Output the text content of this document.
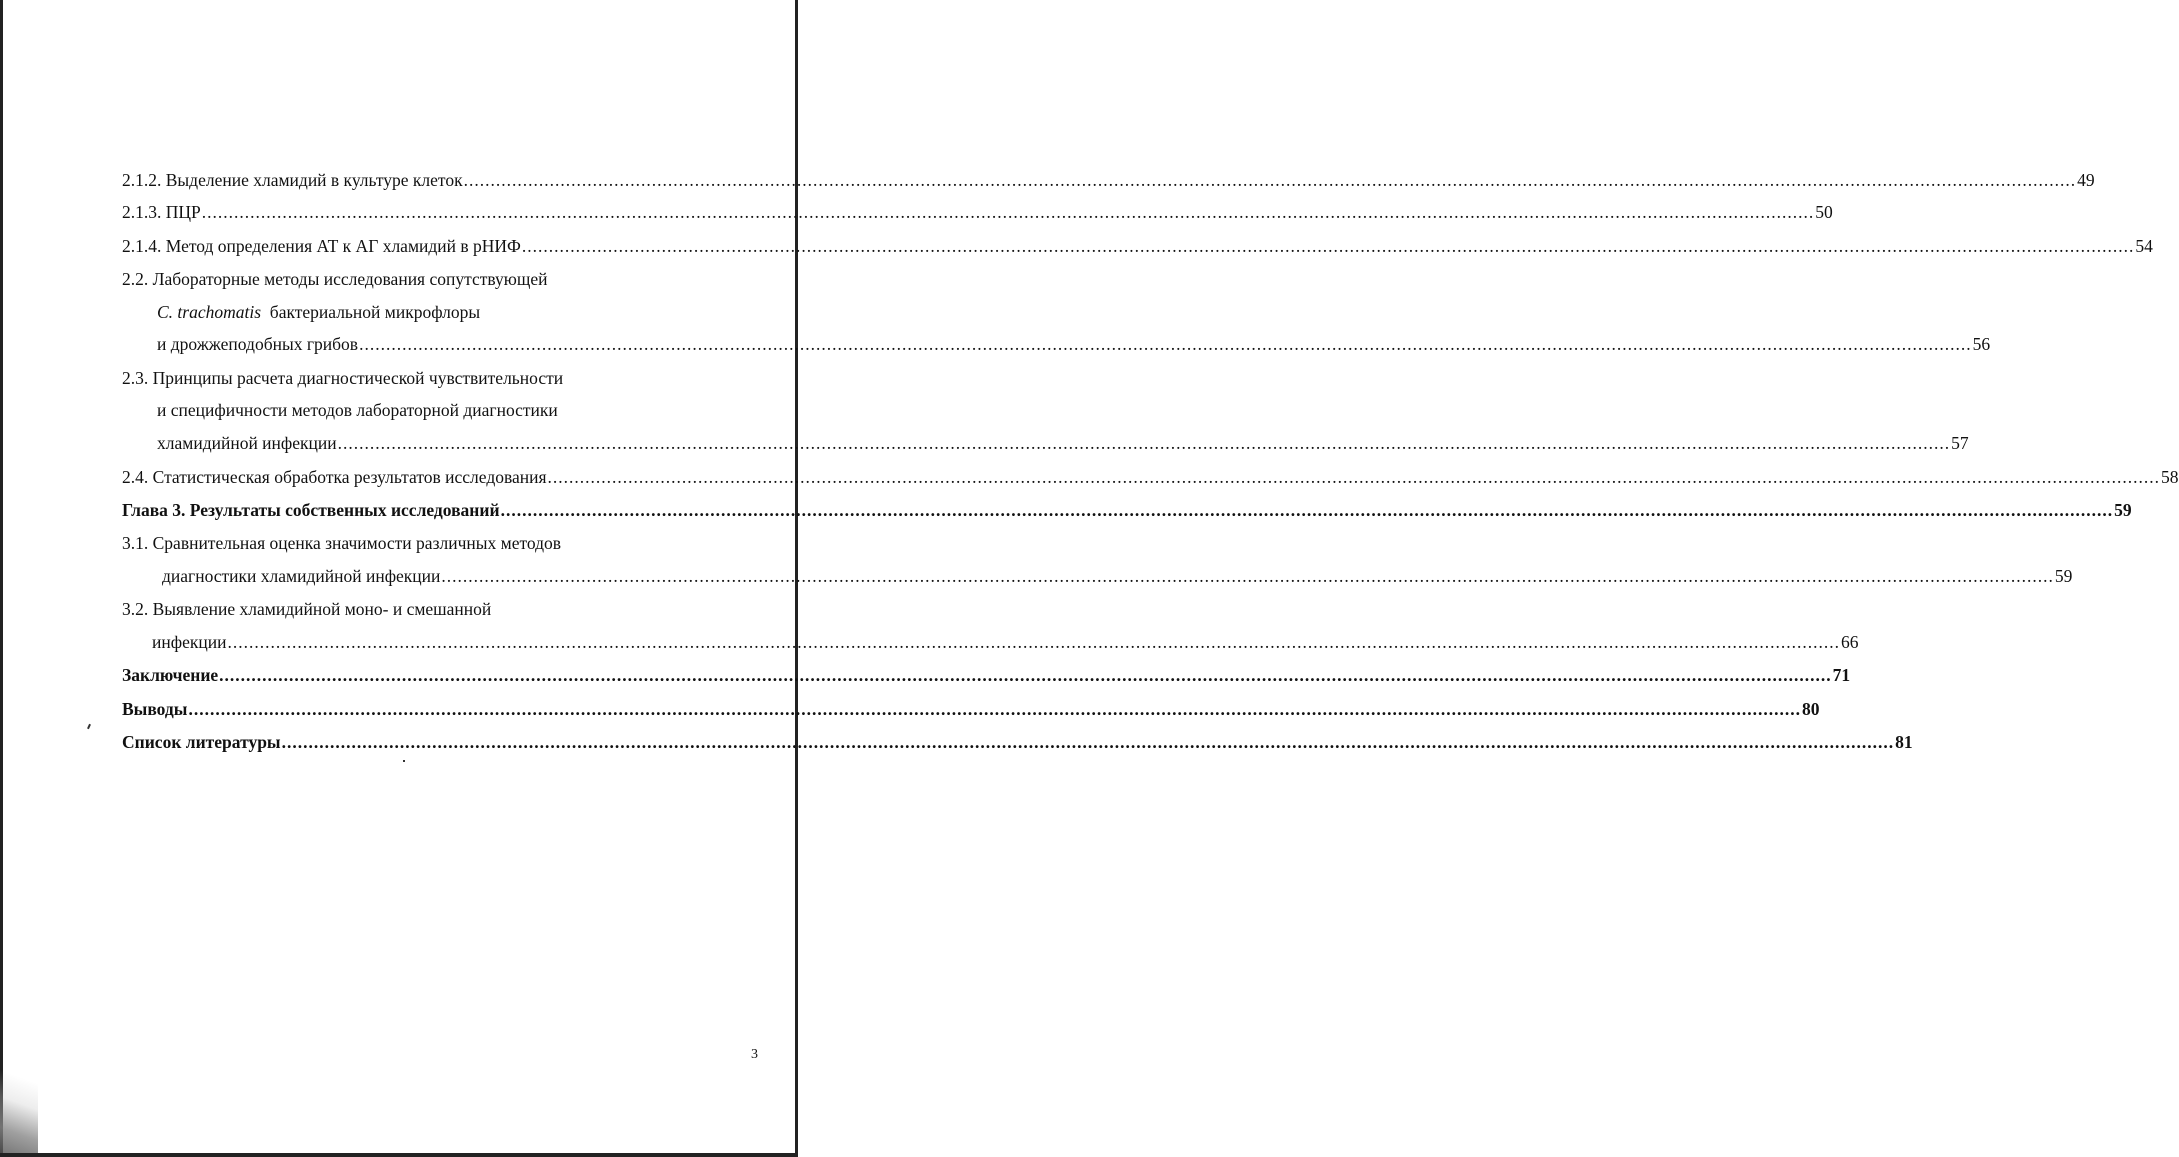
2.1.2. Выделение хламидий в культуре клеток ............................................................................................................................................................................................................................................................................................................ 49
2.1.3. ПЦР ............................................................................................................................................................................................................................................................................................................ 50
2.1.4. Метод определения АТ к АГ хламидий в рНИФ ............................................................................................................................................................................................................................................................................................................ 54
2.2. Лабораторные методы исследования сопутствующей
C. trachomatis  бактериальной микрофлоры
и дрожжеподобных грибов ............................................................................................................................................................................................................................................................................................................ 56
2.3. Принципы расчета диагностической чувствительности
и специфичности методов лабораторной диагностики
хламидийной инфекции ............................................................................................................................................................................................................................................................................................................ 57
2.4. Статистическая обработка результатов исследования ............................................................................................................................................................................................................................................................................................................ 58
Глава 3. Результаты собственных исследований ............................................................................................................................................................................................................................................................................................................ 59
3.1. Сравнительная оценка значимости различных методов
диагностики хламидийной инфекции ............................................................................................................................................................................................................................................................................................................ 59
3.2. Выявление хламидийной моно- и смешанной
инфекции ............................................................................................................................................................................................................................................................................................................ 66
Заключение ............................................................................................................................................................................................................................................................................................................ 71
Выводы ............................................................................................................................................................................................................................................................................................................ 80
Список литературы ............................................................................................................................................................................................................................................................................................................ 81
3
